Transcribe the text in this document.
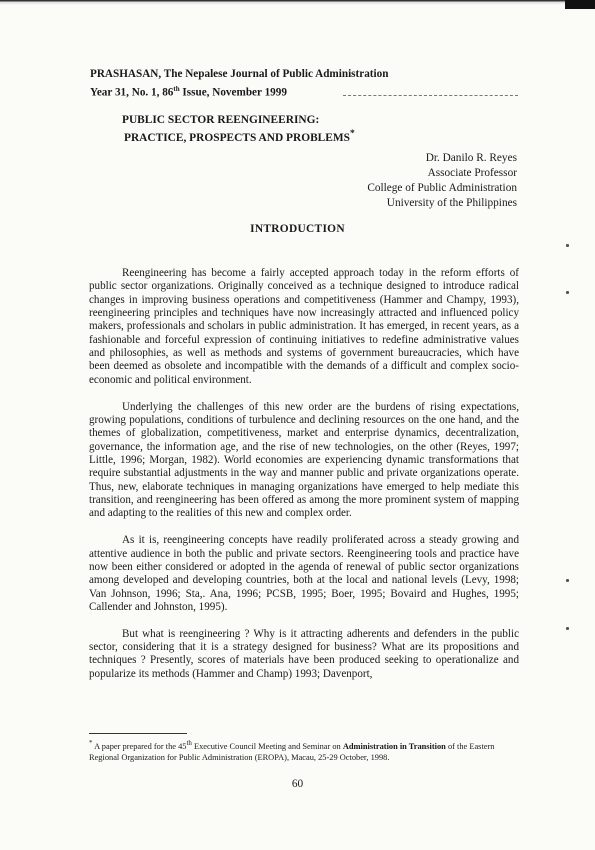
PRASHASAN, The Nepalese Journal of Public Administration
Year 31, No. 1, 86th Issue, November 1999
PUBLIC SECTOR REENGINEERING:
PRACTICE, PROSPECTS AND PROBLEMS*
Dr. Danilo R. Reyes
Associate Professor
College of Public Administration
University of the Philippines
INTRODUCTION

Reengineering has become a fairly accepted approach today in the reform efforts of public sector organizations. Originally conceived as a technique designed to introduce radical changes in improving business operations and competitiveness (Hammer and Champy, 1993), reengineering principles and techniques have now increasingly attracted and influenced policy makers, professionals and scholars in public administration. It has emerged, in recent years, as a fashionable and forceful expression of continuing initiatives to redefine administrative values and philosophies, as well as methods and systems of government bureaucracies, which have been deemed as obsolete and incompatible with the demands of a difficult and complex socio-economic and political environment.

Underlying the challenges of this new order are the burdens of rising expectations, growing populations, conditions of turbulence and declining resources on the one hand, and the themes of globalization, competitiveness, market and enterprise dynamics, decentralization, governance, the information age, and the rise of new technologies, on the other (Reyes, 1997; Little, 1996; Morgan, 1982). World economies are experiencing dynamic transformations that require substantial adjustments in the way and manner public and private organizations operate. Thus, new, elaborate techniques in managing organizations have emerged to help mediate this transition, and reengineering has been offered as among the more prominent system of mapping and adapting to the realities of this new and complex order.

As it is, reengineering concepts have readily proliferated across a steady growing and attentive audience in both the public and private sectors. Reengineering tools and practice have now been either considered or adopted in the agenda of renewal of public sector organizations among developed and developing countries, both at the local and national levels (Levy, 1998; Van Johnson, 1996; Sta,. Ana, 1996; PCSB, 1995; Boer, 1995; Bovaird and Hughes, 1995; Callender and Johnston, 1995).

But what is reengineering ? Why is it attracting adherents and defenders in the public sector, considering that it is a strategy designed for business? What are its propositions and techniques ? Presently, scores of materials have been produced seeking to operationalize and popularize its methods (Hammer and Champ) 1993; Davenport,

* A paper prepared for the 45th Executive Council Meeting and Seminar on Administration in Transition of the Eastern Regional Organization for Public Administration (EROPA), Macau, 25-29 October, 1998.
60
